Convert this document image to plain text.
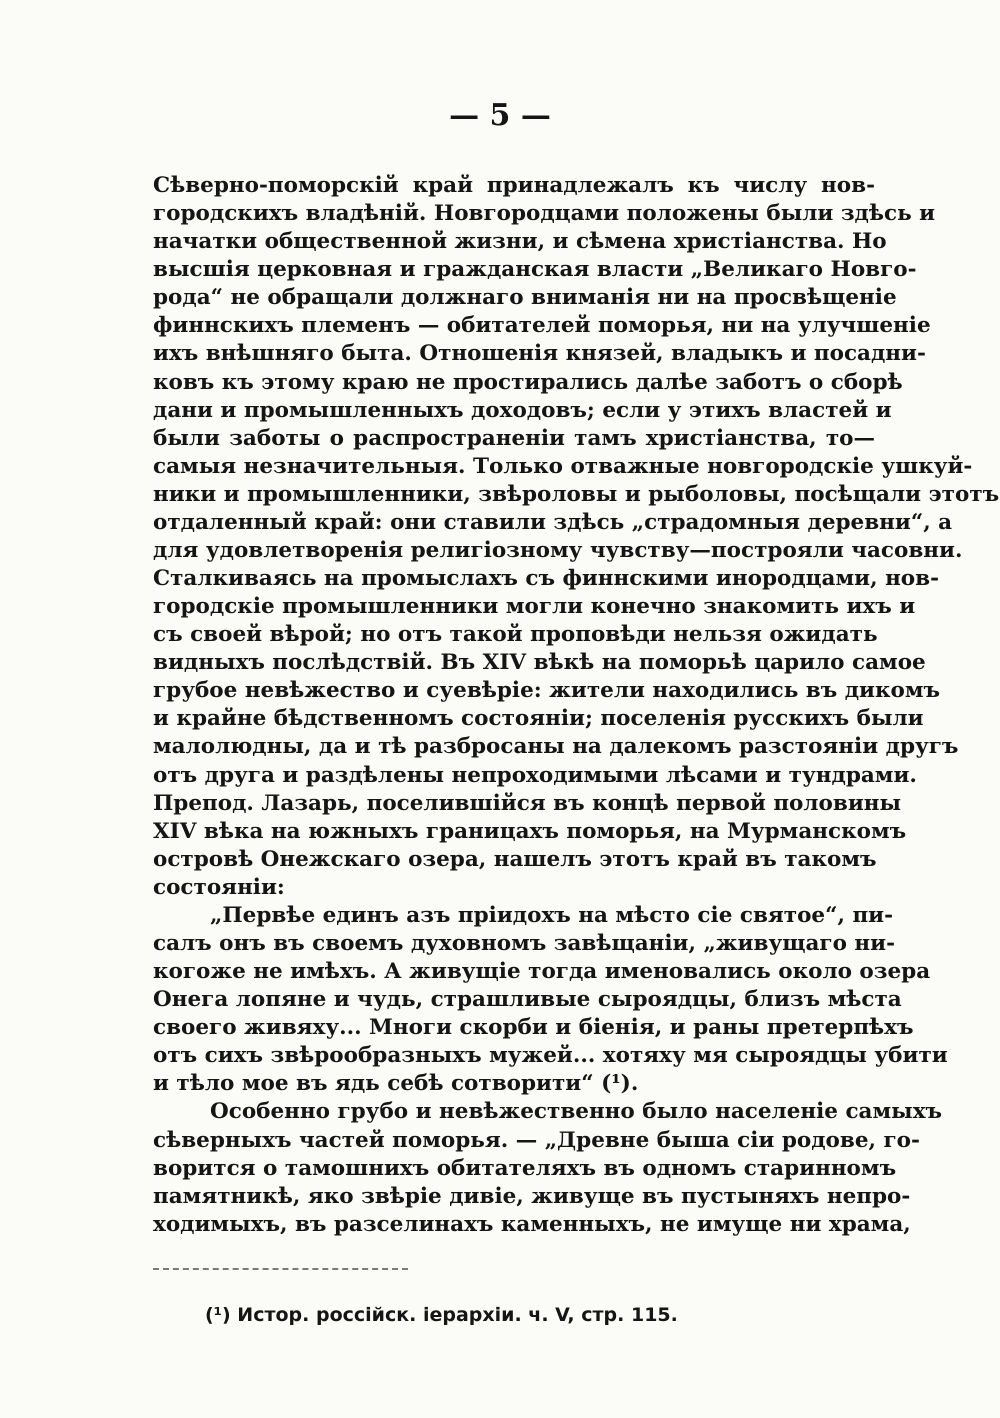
— 5 —
Сѣверно-поморскій край принадлежалъ къ числу нов-
городскихъ владѣній. Новгородцами положены были здѣсь и
начатки общественной жизни, и сѣмена христіанства. Но
высшія церковная и гражданская власти „Великаго Новго-
рода“ не обращали должнаго вниманія ни на просвѣщеніе
финнскихъ племенъ — обитателей поморья, ни на улучшеніе
ихъ внѣшняго быта. Отношенія князей, владыкъ и посадни-
ковъ къ этому краю не простирались далѣе заботъ о сборѣ
дани и промышленныхъ доходовъ; если у этихъ властей и
были заботы о распространеніи тамъ христіанства, то—
самыя незначительныя. Только отважные новгородскіе ушкуй-
ники и промышленники, звѣроловы и рыболовы, посѣщали этотъ
отдаленный край: они ставили здѣсь „страдомныя деревни“, а
для удовлетворенія религіозному чувству—построяли часовни.
Сталкиваясь на промыслахъ съ финнскими инородцами, нов-
городскіе промышленники могли конечно знакомить ихъ и
съ своей вѣрой; но отъ такой проповѣди нельзя ожидать
видныхъ послѣдствій. Въ XIV вѣкѣ на поморьѣ царило самое
грубое невѣжество и суевѣріе: жители находились въ дикомъ
и крайне бѣдственномъ состояніи; поселенія русскихъ были
малолюдны, да и тѣ разбросаны на далекомъ разстояніи другъ
отъ друга и раздѣлены непроходимыми лѣсами и тундрами.
Препод. Лазарь, поселившійся въ концѣ первой половины
XIV вѣка на южныхъ границахъ поморья, на Мурманскомъ
островѣ Онежскаго озера, нашелъ этотъ край въ такомъ
состояніи:
„Первѣе единъ азъ пріидохъ на мѣсто сіе святое“, пи-
салъ онъ въ своемъ духовномъ завѣщаніи, „живущаго ни-
когоже не имѣхъ. А живущіе тогда именовались около озера
Онега лопяне и чудь, страшливые сыроядцы, близъ мѣста
своего живяху... Многи скорби и біенія, и раны претерпѣхъ
отъ сихъ звѣрообразныхъ мужей... хотяху мя сыроядцы убити
и тѣло мое въ ядь себѣ сотворити“ (¹).
Особенно грубо и невѣжественно было населеніе самыхъ
сѣверныхъ частей поморья. — „Древне быша сіи родове, го-
ворится о тамошнихъ обитателяхъ въ одномъ старинномъ
памятникѣ, яко звѣріе дивіе, живуще въ пустыняхъ непро-
ходимыхъ, въ разселинахъ каменныхъ, не имуще ни храма,
(¹) Истор. россійск. іерархіи. ч. V, стр. 115.
